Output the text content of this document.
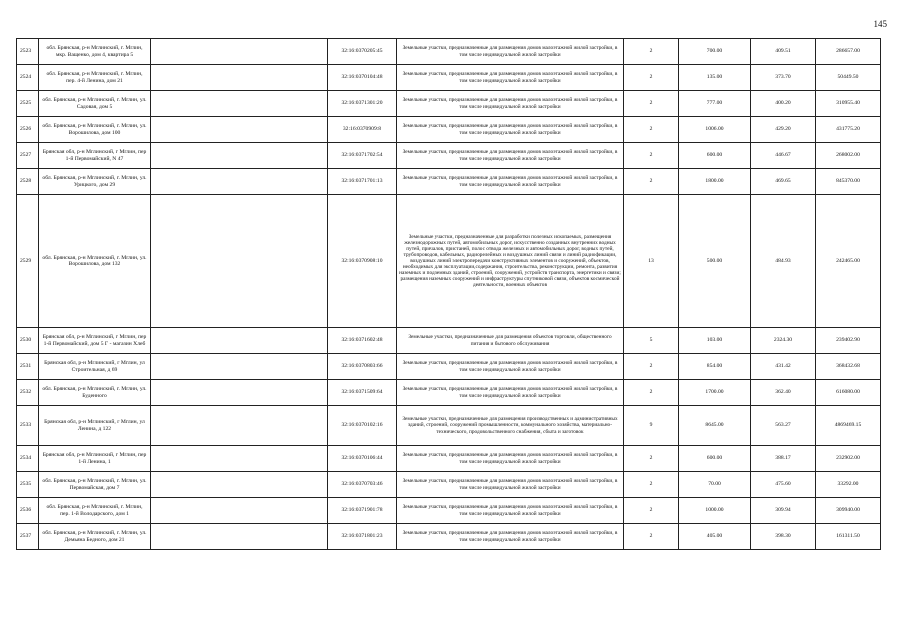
145
2523	обл. Брянская, р-н Мглинский, г. Мглин, мкр. Ващенко, дом 4, квартира 5		32:16:0370205:45	Земельные участки, предназначенные для размещения домов малоэтажной жилой застройки, в том числе индивидуальной жилой застройки	2	700.00	409.51	286657.00
2524	обл. Брянская, р-н Мглинский, г. Мглин, пер. 4-й Ленина, дом 21		32:16:0370104:48	Земельные участки, предназначенные для размещения домов малоэтажной жилой застройки, в том числе индивидуальной жилой застройки	2	135.00	373.70	50449.50
2525	обл. Брянская, р-н Мглинский, г. Мглин, ул. Садовая, дом 5		32:16:0371301:20	Земельные участки, предназначенные для размещения домов малоэтажной жилой застройки, в том числе индивидуальной жилой застройки	2	777.00	400.20	310955.40
2526	обл. Брянская, р-н Мглинский, г. Мглин, ул. Ворошилова, дом 100		32:16:0370909:8	Земельные участки, предназначенные для размещения домов малоэтажной жилой застройки, в том числе индивидуальной жилой застройки	2	1006.00	429.20	431775.20
2527	Брянская обл, р-н Мглинский, г Мглин, пер 1-й Первомайский, N 47		32:16:0371702:54	Земельные участки, предназначенные для размещения домов малоэтажной жилой застройки, в том числе индивидуальной жилой застройки	2	600.00	446.67	268002.00
2528	обл. Брянская, р-н Мглинский, г. Мглин, ул. Урицкого, дом 29		32:16:0371701:13	Земельные участки, предназначенные для размещения домов малоэтажной жилой застройки, в том числе индивидуальной жилой застройки	2	1800.00	469.65	845370.00
2529	обл. Брянская, р-н Мглинский, г. Мглин, ул. Ворошилова, дом 132		32:16:0370908:10	Земельные участки, предназначенные для разработки полезных ископаемых, размещения железнодорожных путей, автомобильных дорог, искусственно созданных внутренних водных путей, причалов, пристаней, полос отвода железных и автомобильных дорог, водных путей, трубопроводов, кабельных, радиорелейных и воздушных линий связи и линий радиофикации, воздушных линий электропередачи конструктивных элементов и сооружений, объектов, необходимых для эксплуатации,содержания, строительства, реконструкции, ремонта, развития наземных и подземных зданий, строений, сооружений, устройств транспорта, энергетики и связи; размещения наземных сооружений и инфраструктуры спутниковой связи, объектов космической деятельности, военных объектов	13	500.00	484.93	242465.00
2530	Брянская обл, р-н Мглинский, г Мглин, пер 1-й Первомайский, дом 5 Г - магазин Хлеб		32:16:0371602:48	Земельные участки, предназначенные для размещения объектов торговли, общественного питания и бытового обслуживания	5	103.00	2324.30	239402.90
2531	Брянская обл, р-н Мглинский, г Мглин, ул Строительная, д 69		32:16:0370803:66	Земельные участки, предназначенные для размещения домов малоэтажной жилой застройки, в том числе индивидуальной жилой застройки	2	854.00	431.42	368432.68
2532	обл. Брянская, р-н Мглинский, г. Мглин, ул. Буденного		32:16:0371509:64	Земельные участки, предназначенные для размещения домов малоэтажной жилой застройки, в том числе индивидуальной жилой застройки	2	1700.00	362.40	616080.00
2533	Брянская обл, р-н Мглинский, г Мглин, ул Ленина, д 122		32:16:0370102:16	Земельные участки, предназначенные для размещения производственных и административных зданий, строений, сооружений промышленности, коммунального хозяйства, материально-технического, продовольственного снабжения, сбыта и заготовок	9	8645.00	563.27	4869469.15
2534	Брянская обл, р-н Мглинский, г Мглин, пер 1-й Ленина, 1		32:16:0370106:44	Земельные участки, предназначенные для размещения домов малоэтажной жилой застройки, в том числе индивидуальной жилой застройки	2	600.00	388.17	232902.00
2535	обл. Брянская, р-н Мглинский, г. Мглин, ул. Первомайская, дом 7		32:16:0370703:46	Земельные участки, предназначенные для размещения домов малоэтажной жилой застройки, в том числе индивидуальной жилой застройки	2	70.00	475.60	33292.00
2536	обл. Брянская, р-н Мглинский, г. Мглин, пер. 1-й Володарского, дом 1		32:16:0371901:78	Земельные участки, предназначенные для размещения домов малоэтажной жилой застройки, в том числе индивидуальной жилой застройки	2	1000.00	309.94	309940.00
2537	обл. Брянская, р-н Мглинский, г. Мглин, ул. Демьяна Бедного, дом 21		32:16:0371801:23	Земельные участки, предназначенные для размещения домов малоэтажной жилой застройки, в том числе индивидуальной жилой застройки	2	405.00	398.30	161311.50
